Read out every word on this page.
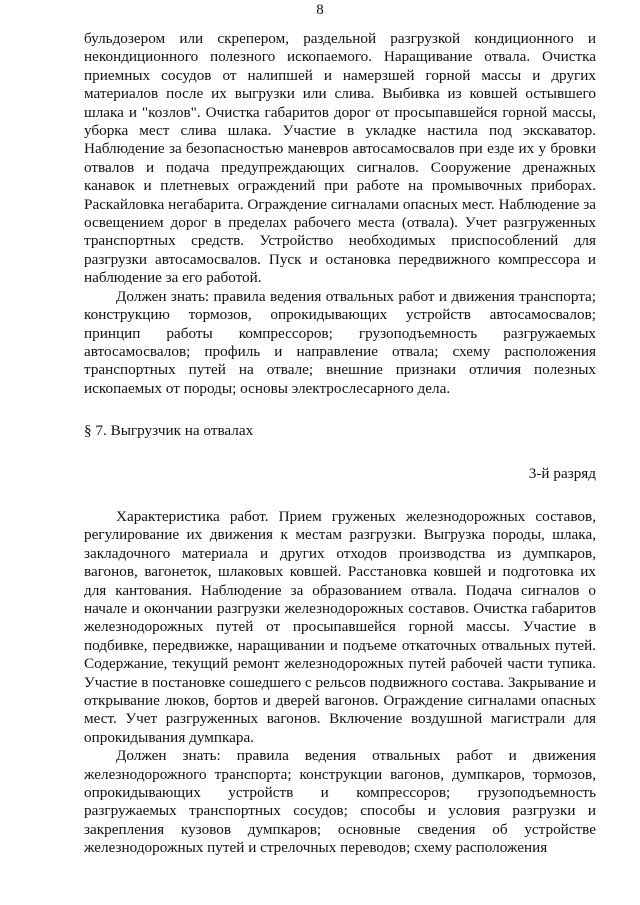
8

бульдозером или скрепером, раздельной разгрузкой кондиционного и некондиционного полезного ископаемого. Наращивание отвала. Очистка приемных сосудов от налипшей и намерзшей горной массы и других материалов после их выгрузки или слива. Выбивка из ковшей остывшего шлака и "козлов". Очистка габаритов дорог от просыпавшейся горной массы, уборка мест слива шлака. Участие в укладке настила под экскаватор. Наблюдение за безопасностью маневров автосамосвалов при езде их у бровки отвалов и подача предупреждающих сигналов. Сооружение дренажных канавок и плетневых ограждений при работе на промывочных приборах. Раскайловка негабарита. Ограждение сигналами опасных мест. Наблюдение за освещением дорог в пределах рабочего места (отвала). Учет разгруженных транспортных средств. Устройство необходимых приспособлений для разгрузки автосамосвалов. Пуск и остановка передвижного компрессора и наблюдение за его работой.

Должен знать: правила ведения отвальных работ и движения транспорта; конструкцию тормозов, опрокидывающих устройств автосамосвалов; принцип работы компрессоров; грузоподъемность разгружаемых автосамосвалов; профиль и направление отвала; схему расположения транспортных путей на отвале; внешние признаки отличия полезных ископаемых от породы; основы электрослесарного дела.

§ 7. Выгрузчик на отвалах

3-й разряд

Характеристика работ. Прием груженых железнодорожных составов, регулирование их движения к местам разгрузки. Выгрузка породы, шлака, закладочного материала и других отходов производства из думпкаров, вагонов, вагонеток, шлаковых ковшей. Расстановка ковшей и подготовка их для кантования. Наблюдение за образованием отвала. Подача сигналов о начале и окончании разгрузки железнодорожных составов. Очистка габаритов железнодорожных путей от просыпавшейся горной массы. Участие в подбивке, передвижке, наращивании и подъеме откаточных отвальных путей. Содержание, текущий ремонт железнодорожных путей рабочей части тупика. Участие в постановке сошедшего с рельсов подвижного состава. Закрывание и открывание люков, бортов и дверей вагонов. Ограждение сигналами опасных мест. Учет разгруженных вагонов. Включение воздушной магистрали для опрокидывания думпкара.

Должен знать: правила ведения отвальных работ и движения железнодорожного транспорта; конструкции вагонов, думпкаров, тормозов, опрокидывающих устройств и компрессоров; грузоподъемность разгружаемых транспортных сосудов; способы и условия разгрузки и закрепления кузовов думпкаров; основные сведения об устройстве железнодорожных путей и стрелочных переводов; схему расположения
